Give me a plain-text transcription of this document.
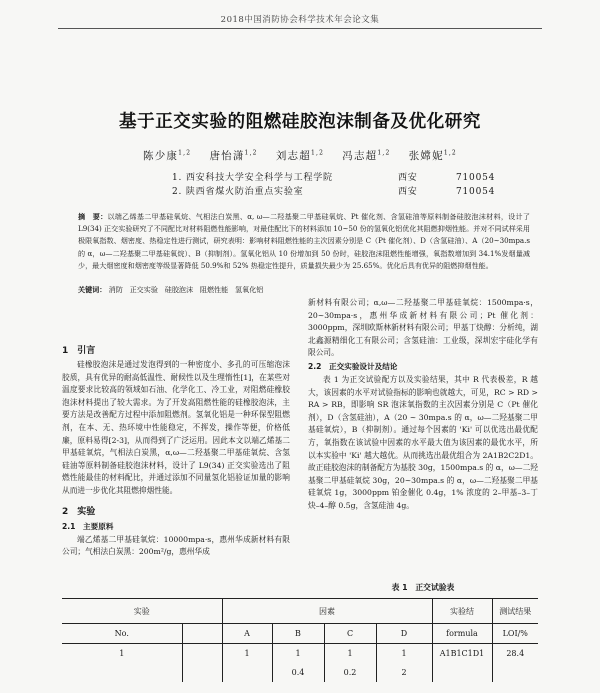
2018中国消防协会科学技术年会论文集
基于正交实验的阻燃硅胶泡沫制备及优化研究
陈少康$^{1,2}$ 唐怡潇$^{1,2}$ 刘志超$^{1,2}$ 冯志超$^{1,2}$ 张嫦妮$^{1,2}$
1. 西安科技大学安全科学与工程学院	西安	710054
2. 陕西省煤火防治重点实验室	西安	710054
摘　要：以端乙烯基二甲基硅氧烷、气相法白炭黑、α, ω—二羟基聚二甲基硅氧烷、Pt 催化剂、含氢硅油等原料制备硅胶泡沫材料，设计了 L9(34) 正交实验研究了不同配比对材料阻燃性能影响，对最佳配比下的材料添加 10~50 份的氢氧化铝优化其阻燃抑烟性能。并对不同试样采用极限氧指数、烟密度、热稳定性进行测试，研究表明：影响材料阻燃性能的主次因素分别是 C（Pt 催化剂）、D（含氢硅油）、A（20~30mpa.s 的 α，ω—二羟基聚二甲基硅氧烷）、B（抑制剂）。氢氧化铝从 10 份增加到 50 份时，硅胶泡沫阻燃性能增强，氧指数增加到 34.1%发烟量减少，最大烟密度和烟密度等级显著降低 50.9%和 52% 热稳定性提升，质量损失最少为 25.65%。优化后具有优异的阻燃抑烟性能。
关键词： 消防 正交实验 硅胶泡沫 阻燃性能 氢氧化铝
1　引言

硅橡胶泡沫是通过发泡得到的一种密度小、多孔的可压缩泡沫胶质，具有优异的耐高低温性、耐候性以及生理惰性[1]，在某些对温度要求比较高的领域如石油、化学化工、冷工业，对阻燃硅橡胶泡沫材料提出了较大需求。为了开发高阻燃性能的硅橡胶泡沫，主要方法是改善配方过程中添加阻燃剂。氢氧化铝是一种环保型阻燃剂，在本、无、热环境中性能稳定，不挥发，操作等便，价格低廉，原料易得[2-3]，从而得到了广泛运用。因此本文以端乙烯基二甲基硅氧烷，气相法白炭黑，α,ω—二羟基聚二甲基硅氧烷、含氢硅油等原料制备硅胶泡沫材料，设计了 L9(34) 正交实验选出了阻燃性能最佳的材料配比，并通过添加不同量氢化铝验证加量的影响从而进一步优化其阻燃抑烟性能。

2　实验
2.1　主要原料

端乙烯基二甲基硅氧烷：10000mpa·s，惠州华成新材料有限公司；气相法白炭黑：200m²/g，惠州华成

新材料有限公司；α,ω—二羟基聚二甲基硅氧烷：1500mpa·s，20~30mpa·s，惠州华成新材料有限公司；Pt 催化剂：3000ppm，深圳欧斯林新材料有限公司；甲基丁炔醇：分析纯，湖北鑫源精细化工有限公司；含氢硅油：工业级，深圳宏宇硅化学有限公司。

2.2　正交实验设计及结论

表 1 为正交试验配方以及实验结果，其中 R 代表极差，R 越大，该因素的水平对试验指标的影响也就越大，可见，RC > RD > RA > RB，即影响 SR 泡沫氧指数的主次因素分别是 C（Pt 催化剂），D（含氢硅油），A（20 ~ 30mpa.s 的 α，ω—二羟基聚二甲基硅氧烷），B（抑制剂）。通过每个因素的 'Ki' 可以优选出最优配方，氧指数在该试验中因素的水平最大值为该因素的最优水平，所以本实验中 'Ki' 越大越优。从而挑选出最优组合为 2A1B2C2D1。故正硅胶泡沫的制备配方为基胶 30g，1500mpa.s 的 α，ω—二羟基聚二甲基硅氧烷 30g，20~30mpa.s 的 α，ω—二羟基聚二甲基硅氧烷 1g，3000ppm 铂金催化 0.4g，1% 浓度的 2–甲基–3–丁炔–4–醇 0.5g，含氢硅油 4g。

表 1　正交试验表
实验		因素				实验结	测试结果
No.		A	B	C	D	formula	LOI/%
1		1	1	1	1	A1B1C1D1	28.4
			0.4	0.2	2		
